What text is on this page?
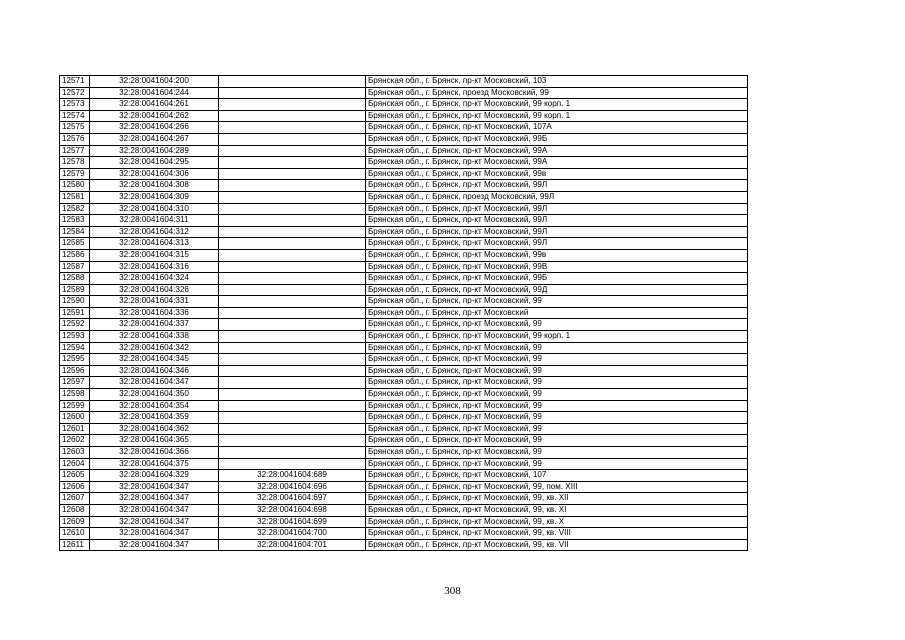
12571	32:28:0041604:200		Брянская обл., г. Брянск, пр-кт Московский, 103
12572	32:28:0041604:244		Брянская обл., г. Брянск, проезд Московский, 99
12573	32:28:0041604:261		Брянская обл., г. Брянск, пр-кт Московский, 99 корп. 1
12574	32:28:0041604:262		Брянская обл., г. Брянск, пр-кт Московский, 99 корп. 1
12575	32:28:0041604:266		Брянская обл., г. Брянск, пр-кт Московский, 107А
12576	32:28:0041604:267		Брянская обл., г. Брянск, пр-кт Московский, 99Б
12577	32:28:0041604:289		Брянская обл., г. Брянск, пр-кт Московский, 99А
12578	32:28:0041604:295		Брянская обл., г. Брянск, пр-кт Московский, 99А
12579	32:28:0041604:306		Брянская обл., г. Брянск, пр-кт Московский, 99в
12580	32:28:0041604:308		Брянская обл., г. Брянск, пр-кт Московский, 99Л
12581	32:28:0041604:309		Брянская обл., г. Брянск, проезд Московский, 99Л
12582	32:28:0041604:310		Брянская обл., г. Брянск, пр-кт Московский, 99Л
12583	32:28:0041604:311		Брянская обл., г. Брянск, пр-кт Московский, 99Л
12584	32:28:0041604:312		Брянская обл., г. Брянск, пр-кт Московский, 99Л
12585	32:28:0041604:313		Брянская обл., г. Брянск, пр-кт Московский, 99Л
12586	32:28:0041604:315		Брянская обл., г. Брянск, пр-кт Московский, 99в
12587	32:28:0041604:316		Брянская обл., г. Брянск, пр-кт Московский, 99В
12588	32:28:0041604:324		Брянская обл., г. Брянск, пр-кт Московский, 99Б
12589	32:28:0041604:326		Брянская обл., г. Брянск, пр-кт Московский, 99Д
12590	32:28:0041604:331		Брянская обл., г. Брянск, пр-кт Московский, 99
12591	32:28:0041604:336		Брянская обл., г. Брянск, пр-кт Московский
12592	32:28:0041604:337		Брянская обл., г. Брянск, пр-кт Московский, 99
12593	32:28:0041604:338		Брянская обл., г. Брянск, пр-кт Московский, 99 корп. 1
12594	32:28:0041604:342		Брянская обл., г. Брянск, пр-кт Московский, 99
12595	32:28:0041604:345		Брянская обл., г. Брянск, пр-кт Московский, 99
12596	32:28:0041604:346		Брянская обл., г. Брянск, пр-кт Московский, 99
12597	32:28:0041604:347		Брянская обл., г. Брянск, пр-кт Московский, 99
12598	32:28:0041604:350		Брянская обл., г. Брянск, пр-кт Московский, 99
12599	32:28:0041604:354		Брянская обл., г. Брянск, пр-кт Московский, 99
12600	32:28:0041604:359		Брянская обл., г. Брянск, пр-кт Московский, 99
12601	32:28:0041604:362		Брянская обл., г. Брянск, пр-кт Московский, 99
12602	32:28:0041604:365		Брянская обл., г. Брянск, пр-кт Московский, 99
12603	32:28:0041604:366		Брянская обл., г. Брянск, пр-кт Московский, 99
12604	32:28:0041604:375		Брянская обл., г. Брянск, пр-кт Московский, 99
12605	32:28:0041604:329	32:28:0041604:689	Брянская обл., г. Брянск, пр-кт Московский, 107
12606	32:28:0041604:347	32:28:0041604:696	Брянская обл., г. Брянск, пр-кт Московский, 99, пом. XIII
12607	32:28:0041604:347	32:28:0041604:697	Брянская обл., г. Брянск, пр-кт Московский, 99, кв. XII
12608	32:28:0041604:347	32:28:0041604:698	Брянская обл., г. Брянск, пр-кт Московский, 99, кв. XI
12609	32:28:0041604:347	32:28:0041604:699	Брянская обл., г. Брянск, пр-кт Московский, 99, кв. X
12610	32:28:0041604:347	32:28:0041604:700	Брянская обл., г. Брянск, пр-кт Московский, 99, кв. VIII
12611	32:28:0041604:347	32:28:0041604:701	Брянская обл., г. Брянск, пр-кт Московский, 99, кв. VII
308
